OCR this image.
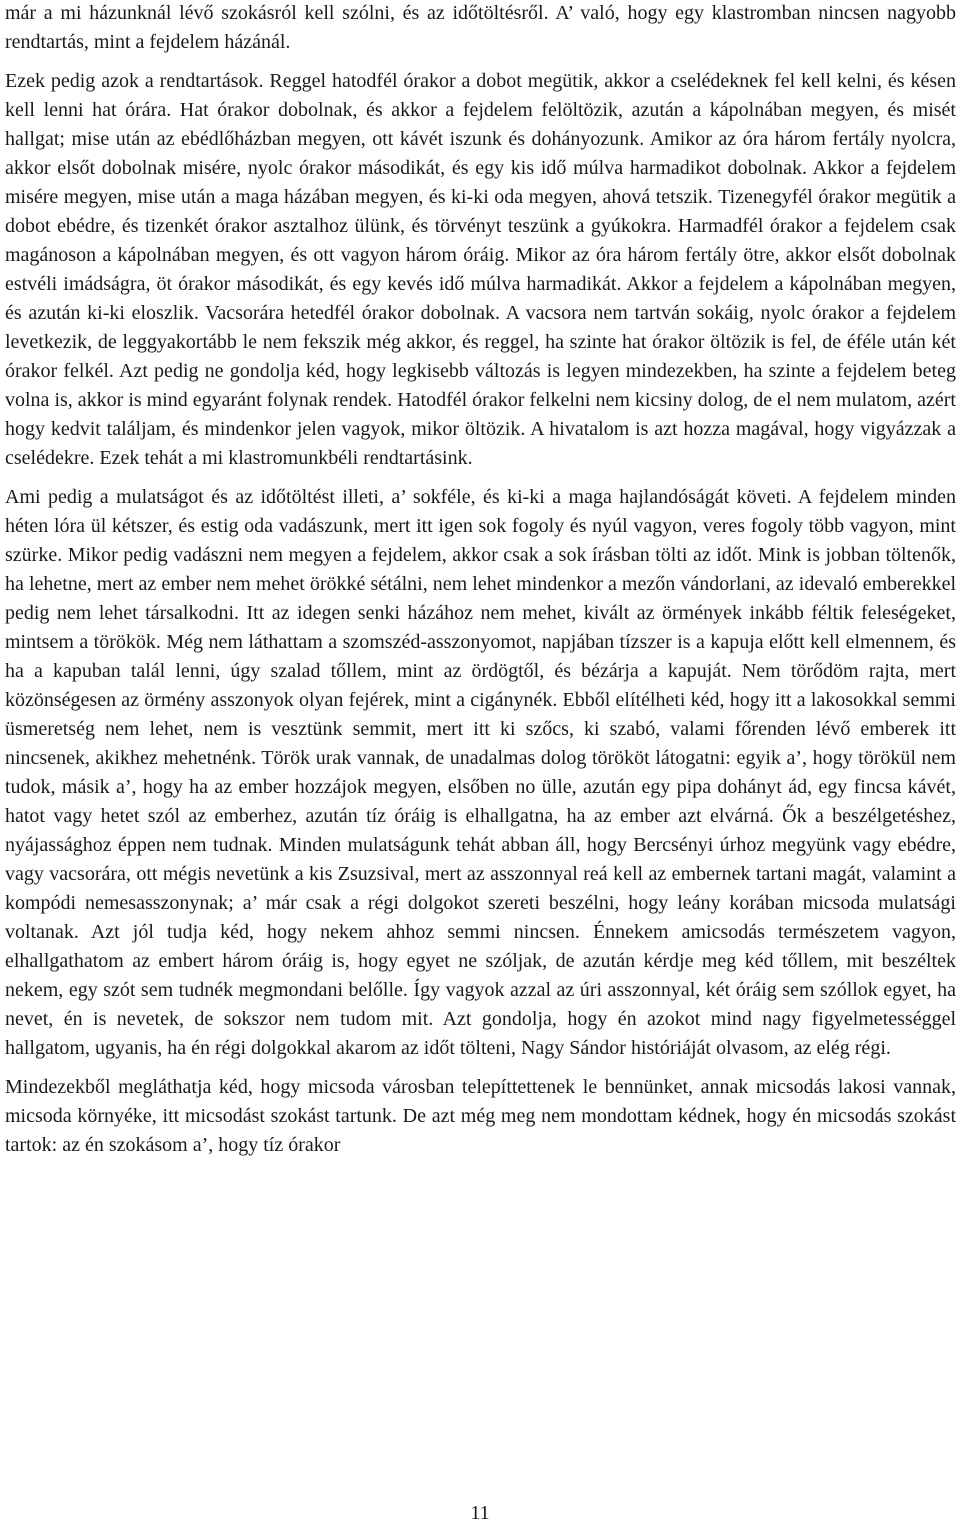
már a mi házunknál lévő szokásról kell szólni, és az időtöltésről. A’ való, hogy egy klastromban nincsen nagyobb rendtartás, mint a fejdelem házánál.

Ezek pedig azok a rendtartások. Reggel hatodfél órakor a dobot megütik, akkor a cselédeknek fel kell kelni, és késen kell lenni hat órára. Hat órakor dobolnak, és akkor a fejdelem felöltözik, azután a kápolnában megyen, és misét hallgat; mise után az ebédlőházban megyen, ott kávét iszunk és dohányozunk. Amikor az óra három fertály nyolcra, akkor elsőt dobolnak misére, nyolc órakor másodikát, és egy kis idő múlva harmadikot dobolnak. Akkor a fejdelem misére megyen, mise után a maga házában megyen, és ki-ki oda megyen, ahová tetszik. Tizenegyfél órakor megütik a dobot ebédre, és tizenkét órakor asztalhoz ülünk, és törvényt teszünk a gyúkokra. Harmadfél órakor a fejdelem csak magánoson a kápolnában megyen, és ott vagyon három óráig. Mikor az óra három fertály ötre, akkor elsőt dobolnak estvéli imádságra, öt órakor másodikát, és egy kevés idő múlva harmadikát. Akkor a fejdelem a kápolnában megyen, és azután ki-ki eloszlik. Vacsorára hetedfél órakor dobolnak. A vacsora nem tartván sokáig, nyolc órakor a fejdelem levetkezik, de leggyakortább le nem fekszik még akkor, és reggel, ha szinte hat órakor öltözik is fel, de éféle után két órakor felkél. Azt pedig ne gondolja kéd, hogy legkisebb változás is legyen mindezekben, ha szinte a fejdelem beteg volna is, akkor is mind egyaránt folynak rendek. Hatodfél órakor felkelni nem kicsiny dolog, de el nem mulatom, azért hogy kedvit találjam, és mindenkor jelen vagyok, mikor öltözik. A hivatalom is azt hozza magával, hogy vigyázzak a cselédekre. Ezek tehát a mi klastromunkbéli rendtartásink.

Ami pedig a mulatságot és az időtöltést illeti, a’ sokféle, és ki-ki a maga hajlandóságát követi. A fejdelem minden héten lóra ül kétszer, és estig oda vadászunk, mert itt igen sok fogoly és nyúl vagyon, veres fogoly több vagyon, mint szürke. Mikor pedig vadászni nem megyen a fejdelem, akkor csak a sok írásban tölti az időt. Mink is jobban töltenők, ha lehetne, mert az ember nem mehet örökké sétálni, nem lehet mindenkor a mezőn vándorlani, az idevaló emberekkel pedig nem lehet társalkodni. Itt az idegen senki házához nem mehet, kivált az örmények inkább féltik feleségeket, mintsem a törökök. Még nem láthattam a szomszéd-asszonyomot, napjában tízszer is a kapuja előtt kell elmennem, és ha a kapuban talál lenni, úgy szalad tőllem, mint az ördögtől, és bézárja a kapuját. Nem törődöm rajta, mert közönségesen az örmény asszonyok olyan fejérek, mint a cigánynék. Ebből elítélheti kéd, hogy itt a lakosokkal semmi üsmeretség nem lehet, nem is vesztünk semmit, mert itt ki szőcs, ki szabó, valami főrenden lévő emberek itt nincsenek, akikhez mehetnénk. Török urak vannak, de unadalmas dolog törököt látogatni: egyik a’, hogy törökül nem tudok, másik a’, hogy ha az ember hozzájok megyen, elsőben no ülle, azután egy pipa dohányt ád, egy fincsa kávét, hatot vagy hetet szól az emberhez, azután tíz óráig is elhallgatna, ha az ember azt elvárná. Ők a beszélgetéshez, nyájassághoz éppen nem tudnak. Minden mulatságunk tehát abban áll, hogy Bercsényi úrhoz megyünk vagy ebédre, vagy vacsorára, ott mégis nevetünk a kis Zsuzsival, mert az asszonnyal reá kell az embernek tartani magát, valamint a kompódi nemesasszonynak; a’ már csak a régi dolgokot szereti beszélni, hogy leány korában micsoda mulatsági voltanak. Azt jól tudja kéd, hogy nekem ahhoz semmi nincsen. Énnekem amicsodás természetem vagyon, elhallgathatom az embert három óráig is, hogy egyet ne szóljak, de azután kérdje meg kéd tőllem, mit beszéltek nekem, egy szót sem tudnék megmondani belőlle. Így vagyok azzal az úri asszonnyal, két óráig sem szóllok egyet, ha nevet, én is nevetek, de sokszor nem tudom mit. Azt gondolja, hogy én azokot mind nagy figyelmetességgel hallgatom, ugyanis, ha én régi dolgokkal akarom az időt tölteni, Nagy Sándor históriáját olvasom, az elég régi.

Mindezekből megláthatja kéd, hogy micsoda városban telepíttettenek le bennünket, annak micsodás lakosi vannak, micsoda környéke, itt micsodást szokást tartunk. De azt még meg nem mondottam kédnek, hogy én micsodás szokást tartok: az én szokásom a’, hogy tíz órakor

11
